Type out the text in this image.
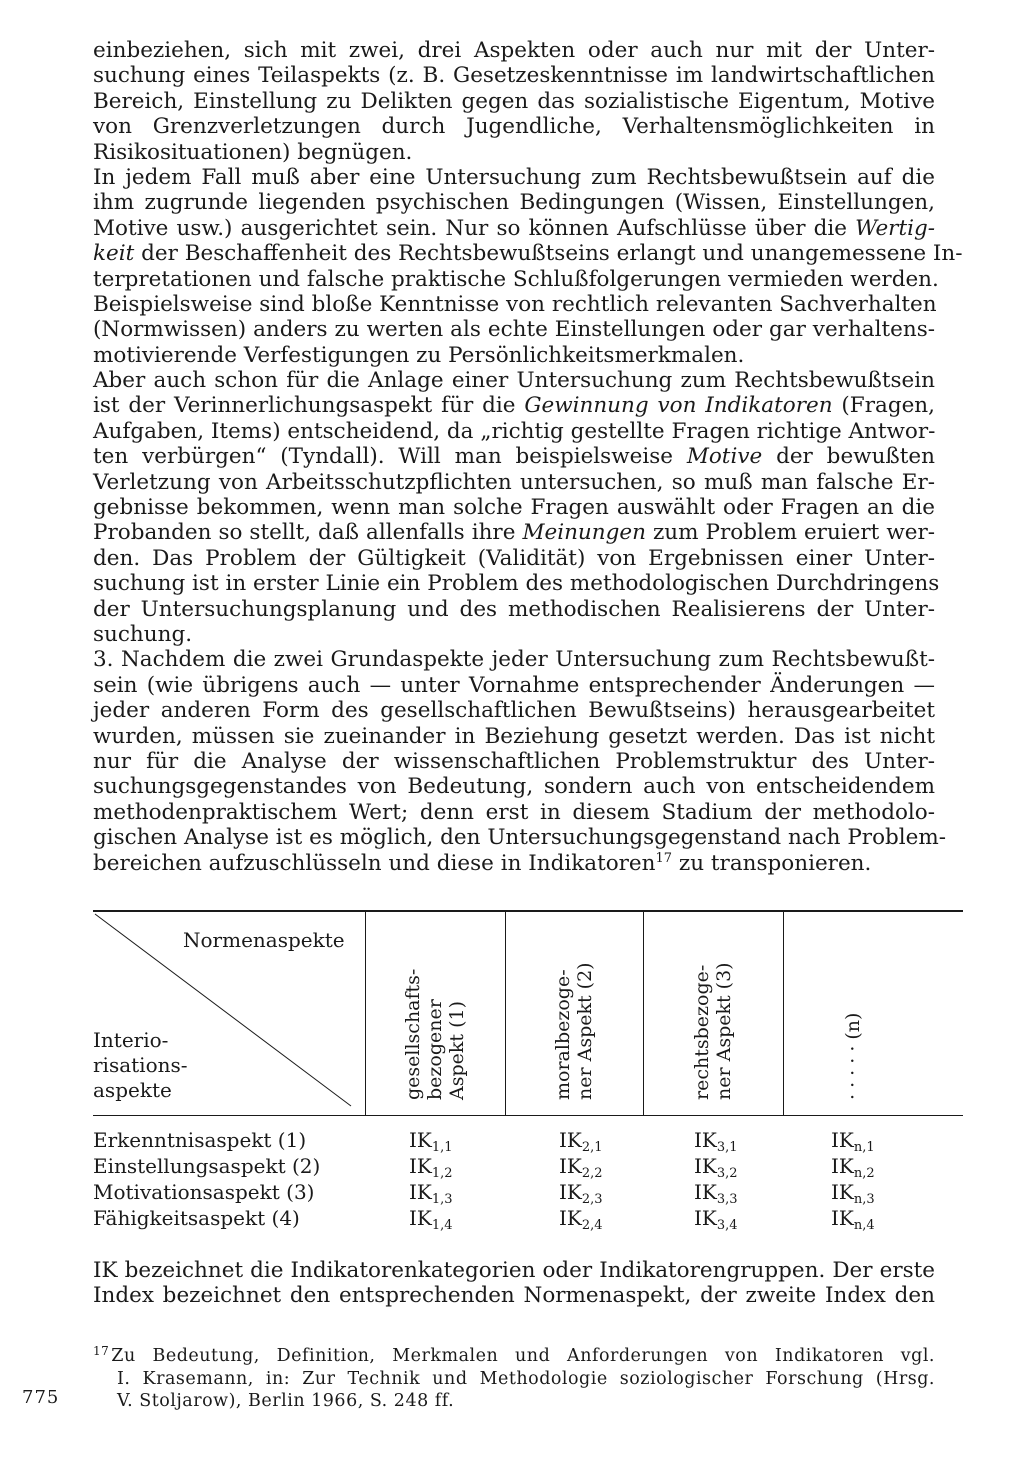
einbeziehen, sich mit zwei, drei Aspekten oder auch nur mit der Unter-
suchung eines Teilaspekts (z. B. Gesetzeskenntnisse im landwirtschaftlichen
Bereich, Einstellung zu Delikten gegen das sozialistische Eigentum, Motive
von Grenzverletzungen durch Jugendliche, Verhaltensmöglichkeiten in
Risikosituationen) begnügen.
In jedem Fall muß aber eine Untersuchung zum Rechtsbewußtsein auf die
ihm zugrunde liegenden psychischen Bedingungen (Wissen, Einstellungen,
Motive usw.) ausgerichtet sein. Nur so können Aufschlüsse über die Wertig-
keit der Beschaffenheit des Rechtsbewußtseins erlangt und unangemessene In-
terpretationen und falsche praktische Schlußfolgerungen vermieden werden.
Beispielsweise sind bloße Kenntnisse von rechtlich relevanten Sachverhalten
(Normwissen) anders zu werten als echte Einstellungen oder gar verhaltens-
motivierende Verfestigungen zu Persönlichkeitsmerkmalen.
Aber auch schon für die Anlage einer Untersuchung zum Rechtsbewußtsein
ist der Verinnerlichungsaspekt für die Gewinnung von Indikatoren (Fragen,
Aufgaben, Items) entscheidend, da „richtig gestellte Fragen richtige Antwor-
ten verbürgen“ (Tyndall). Will man beispielsweise Motive der bewußten
Verletzung von Arbeitsschutzpflichten untersuchen, so muß man falsche Er-
gebnisse bekommen, wenn man solche Fragen auswählt oder Fragen an die
Probanden so stellt, daß allenfalls ihre Meinungen zum Problem eruiert wer-
den. Das Problem der Gültigkeit (Validität) von Ergebnissen einer Unter-
suchung ist in erster Linie ein Problem des methodologischen Durchdringens
der Untersuchungsplanung und des methodischen Realisierens der Unter-
suchung.
3. Nachdem die zwei Grundaspekte jeder Untersuchung zum Rechtsbewußt-
sein (wie übrigens auch — unter Vornahme entsprechender Änderungen —
jeder anderen Form des gesellschaftlichen Bewußtseins) herausgearbeitet
wurden, müssen sie zueinander in Beziehung gesetzt werden. Das ist nicht
nur für die Analyse der wissenschaftlichen Problemstruktur des Unter-
suchungsgegenstandes von Bedeutung, sondern auch von entscheidendem
methodenpraktischem Wert; denn erst in diesem Stadium der methodolo-
gischen Analyse ist es möglich, den Untersuchungsgegenstand nach Problem-
bereichen aufzuschlüsseln und diese in Indikatoren$^{17}$ zu transponieren.
Normenaspekte
Interio-
risations-
aspekte	gesellschafts- bezogener Aspekt (1)	moralbezoge- ner Aspekt (2)	rechtsbezoge- ner Aspekt (3)	· · · · · (n)
Erkenntnisaspekt (1)	$IK_{1,1}$	$IK_{2,1}$	$IK_{3,1}$	$IK_{n,1}$
Einstellungsaspekt (2)	$IK_{1,2}$	$IK_{2,2}$	$IK_{3,2}$	$IK_{n,2}$
Motivationsaspekt (3)	$IK_{1,3}$	$IK_{2,3}$	$IK_{3,3}$	$IK_{n,3}$
Fähigkeitsaspekt (4)	$IK_{1,4}$	$IK_{2,4}$	$IK_{3,4}$	$IK_{n,4}$
IK bezeichnet die Indikatorenkategorien oder Indikatorengruppen. Der erste
Index bezeichnet den entsprechenden Normenaspekt, der zweite Index den
$^{17}$ Zu Bedeutung, Definition, Merkmalen und Anforderungen von Indikatoren vgl.
I. Krasemann, in: Zur Technik und Methodologie soziologischer Forschung (Hrsg.
V. Stoljarow), Berlin 1966, S. 248 ff.
775
